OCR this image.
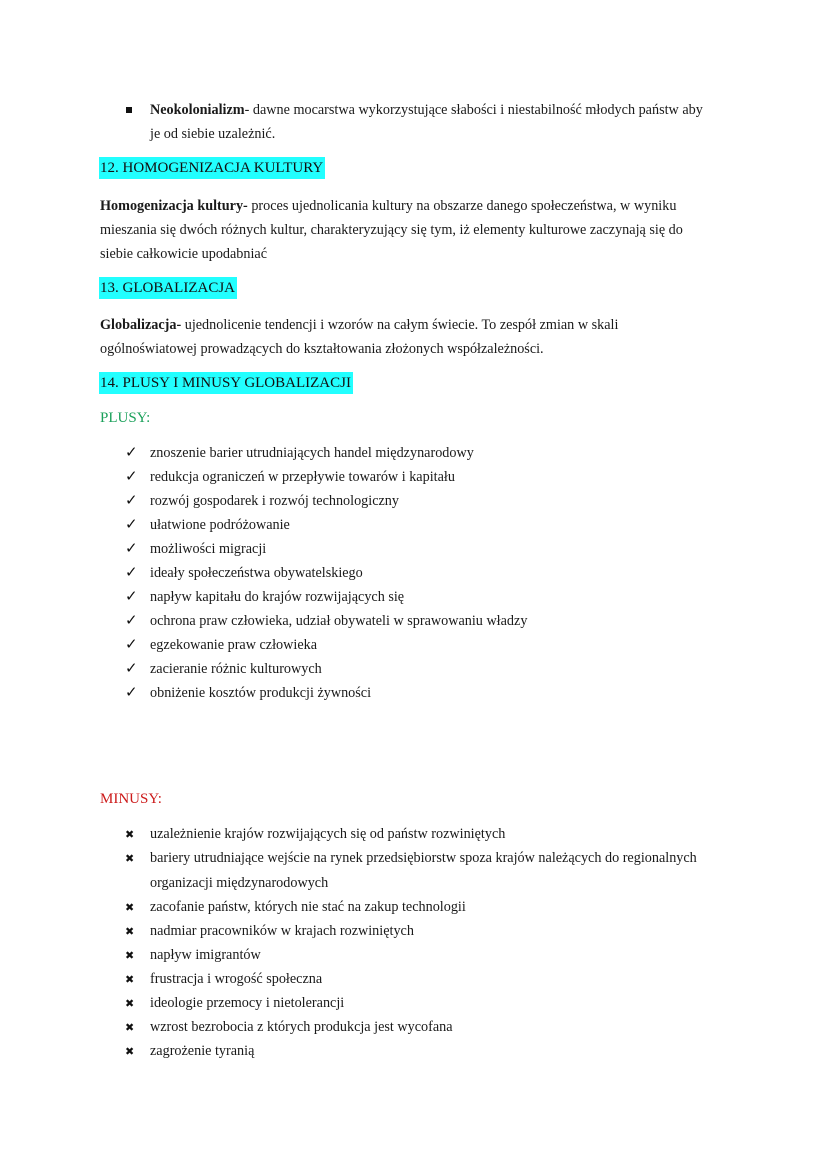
Neokolonializm- dawne mocarstwa wykorzystujące słabości i niestabilność młodych państw aby

je od siebie uzależnić.

12. HOMOGENIZACJA KULTURY

Homogenizacja kultury- proces ujednolicania kultury na obszarze danego społeczeństwa, w wyniku

mieszania się dwóch różnych kultur, charakteryzujący się tym, iż elementy kulturowe zaczynają się do

siebie całkowicie upodabniać

13. GLOBALIZACJA

Globalizacja- ujednolicenie tendencji i wzorów na całym świecie. To zespół zmian w skali

ogólnoświatowej prowadzących do kształtowania złożonych współzależności.

14. PLUSY I MINUSY GLOBALIZACJI

PLUSY:

✓ znoszenie barier utrudniających handel międzynarodowy
✓ redukcja ograniczeń w przepływie towarów i kapitału
✓ rozwój gospodarek i rozwój technologiczny
✓ ułatwione podróżowanie
✓ możliwości migracji
✓ ideały społeczeństwa obywatelskiego
✓ napływ kapitału do krajów rozwijających się
✓ ochrona praw człowieka, udział obywateli w sprawowaniu władzy
✓ egzekowanie praw człowieka
✓ zacieranie różnic kulturowych
✓ obniżenie kosztów produkcji żywności

MINUSY:

✖ uzależnienie krajów rozwijających się od państw rozwiniętych
✖ bariery utrudniające wejście na rynek przedsiębiorstw spoza krajów należących do regionalnych
organizacji międzynarodowych
✖ zacofanie państw, których nie stać na zakup technologii
✖ nadmiar pracowników w krajach rozwiniętych
✖ napływ imigrantów
✖ frustracja i wrogość społeczna
✖ ideologie przemocy i nietolerancji
✖ wzrost bezrobocia z których produkcja jest wycofana
✖ zagrożenie tyranią
